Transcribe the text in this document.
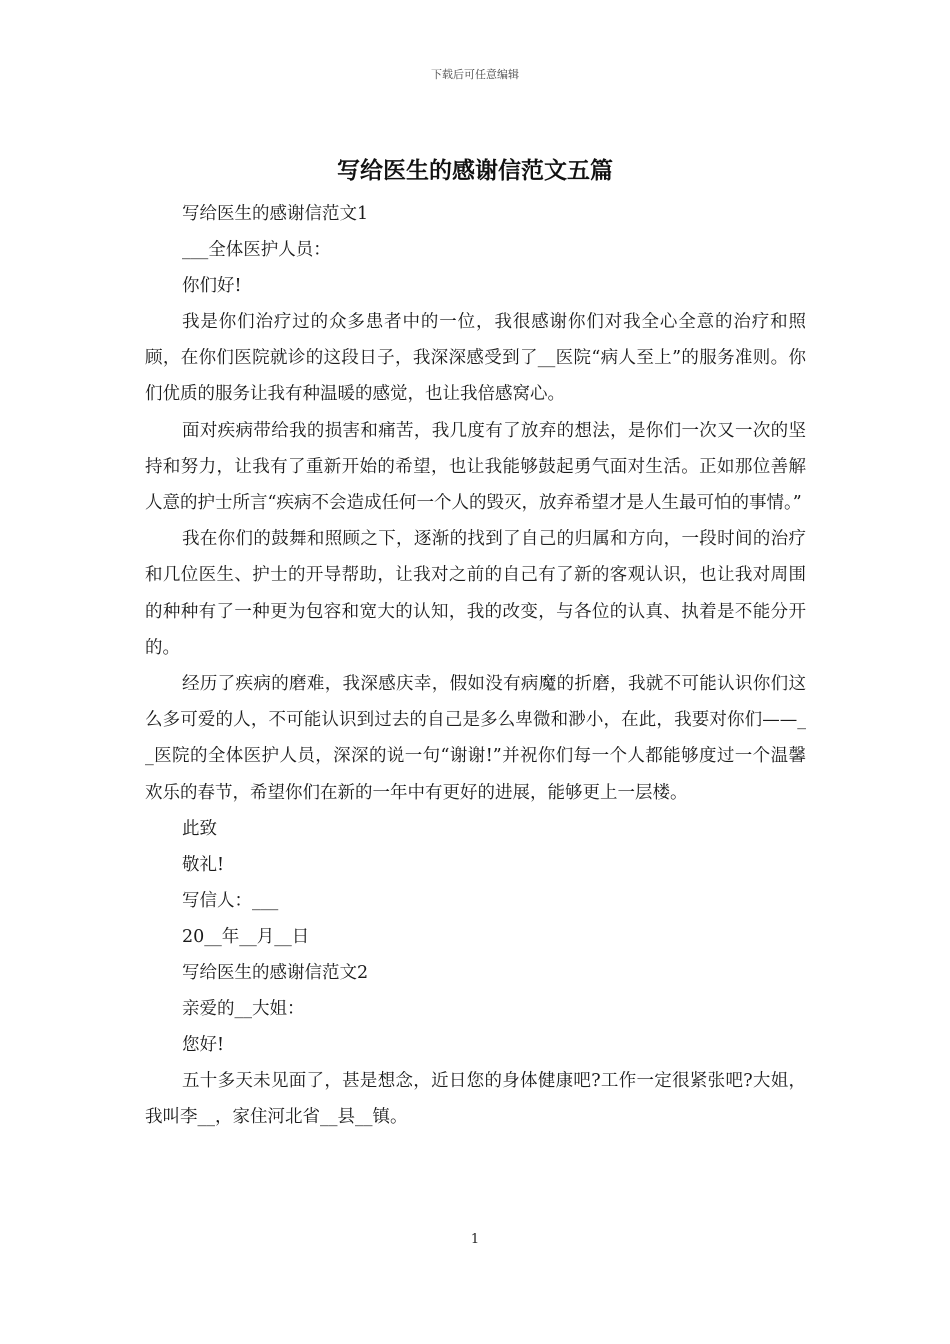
下载后可任意编辑
写给医生的感谢信范文五篇

写给医生的感谢信范文1

___全体医护人员：

你们好!

我是你们治疗过的众多患者中的一位，我很感谢你们对我全心全意的治疗和照顾，在你们医院就诊的这段日子，我深深感受到了__医院“病人至上”的服务准则。你们优质的服务让我有种温暖的感觉，也让我倍感窝心。

面对疾病带给我的损害和痛苦，我几度有了放弃的想法，是你们一次又一次的坚持和努力，让我有了重新开始的希望，也让我能够鼓起勇气面对生活。正如那位善解人意的护士所言“疾病不会造成任何一个人的毁灭，放弃希望才是人生最可怕的事情。”

我在你们的鼓舞和照顾之下，逐渐的找到了自己的归属和方向，一段时间的治疗和几位医生、护士的开导帮助，让我对之前的自己有了新的客观认识，也让我对周围的种种有了一种更为包容和宽大的认知，我的改变，与各位的认真、执着是不能分开的。

经历了疾病的磨难，我深感庆幸，假如没有病魔的折磨，我就不可能认识你们这么多可爱的人，不可能认识到过去的自己是多么卑微和渺小，在此，我要对你们——__医院的全体医护人员，深深的说一句“谢谢!”并祝你们每一个人都能够度过一个温馨欢乐的春节，希望你们在新的一年中有更好的进展，能够更上一层楼。

此致

敬礼!

写信人：___

20__年__月__日

写给医生的感谢信范文2

亲爱的__大姐：

您好!

五十多天未见面了，甚是想念，近日您的身体健康吧?工作一定很紧张吧?大姐，我叫李__，家住河北省__县__镇。

1
